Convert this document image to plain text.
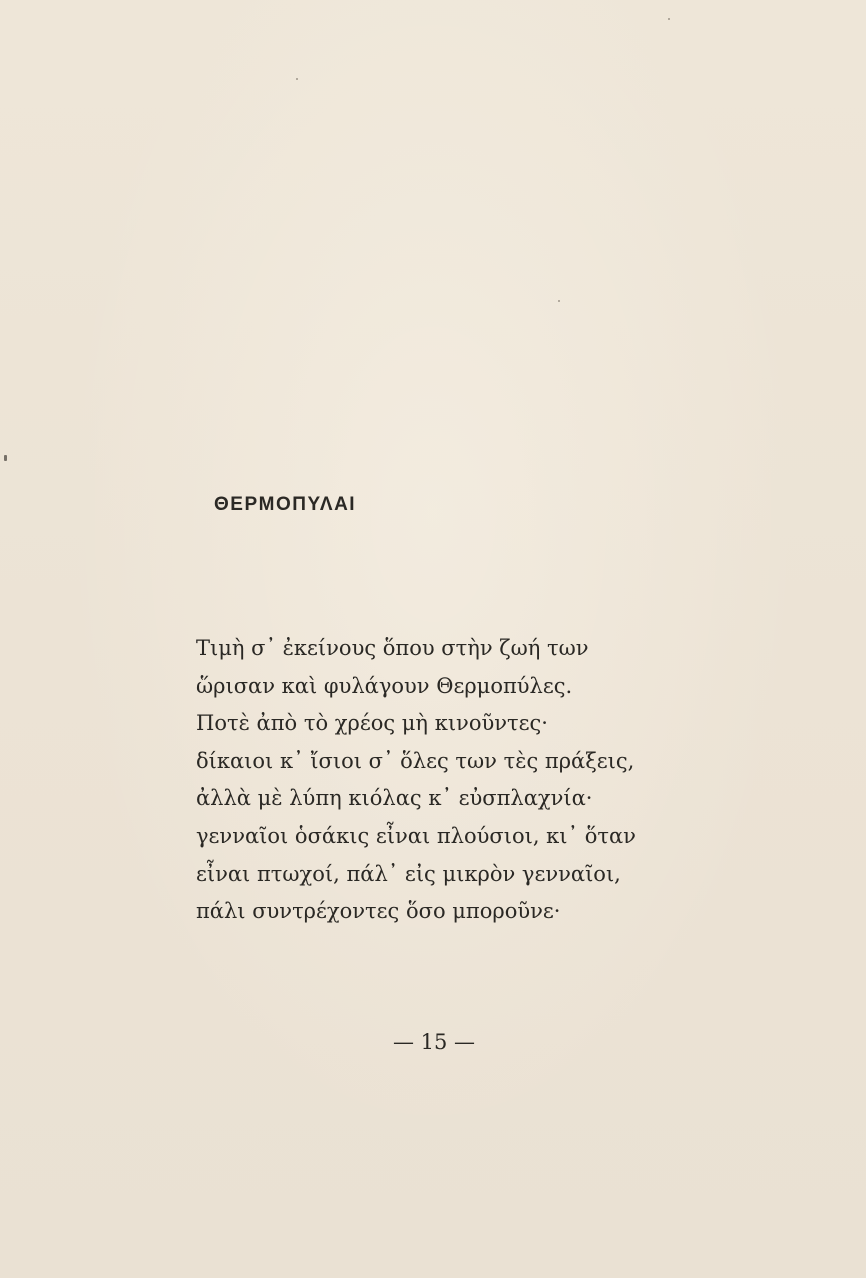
ΘΕΡΜΟΠΥΛΑΙ
Τιμὴ σ᾽ ἐκείνους ὅπου στὴν ζωή των
ὥρισαν καὶ φυλάγουν Θερμοπύλες.
Ποτὲ ἀπὸ τὸ χρέος μὴ κινοῦντες·
δίκαιοι κ᾽ ἴσιοι σ᾽ ὅλες των τὲς πράξεις,
ἀλλὰ μὲ λύπη κιόλας κ᾽ εὐσπλαχνία·
γενναῖοι ὁσάκις εἶναι πλούσιοι, κι᾽ ὅταν
εἶναι πτωχοί, πάλ᾽ εἰς μικρὸν γενναῖοι,
πάλι συντρέχοντες ὅσο μποροῦνε·
— 15 —
